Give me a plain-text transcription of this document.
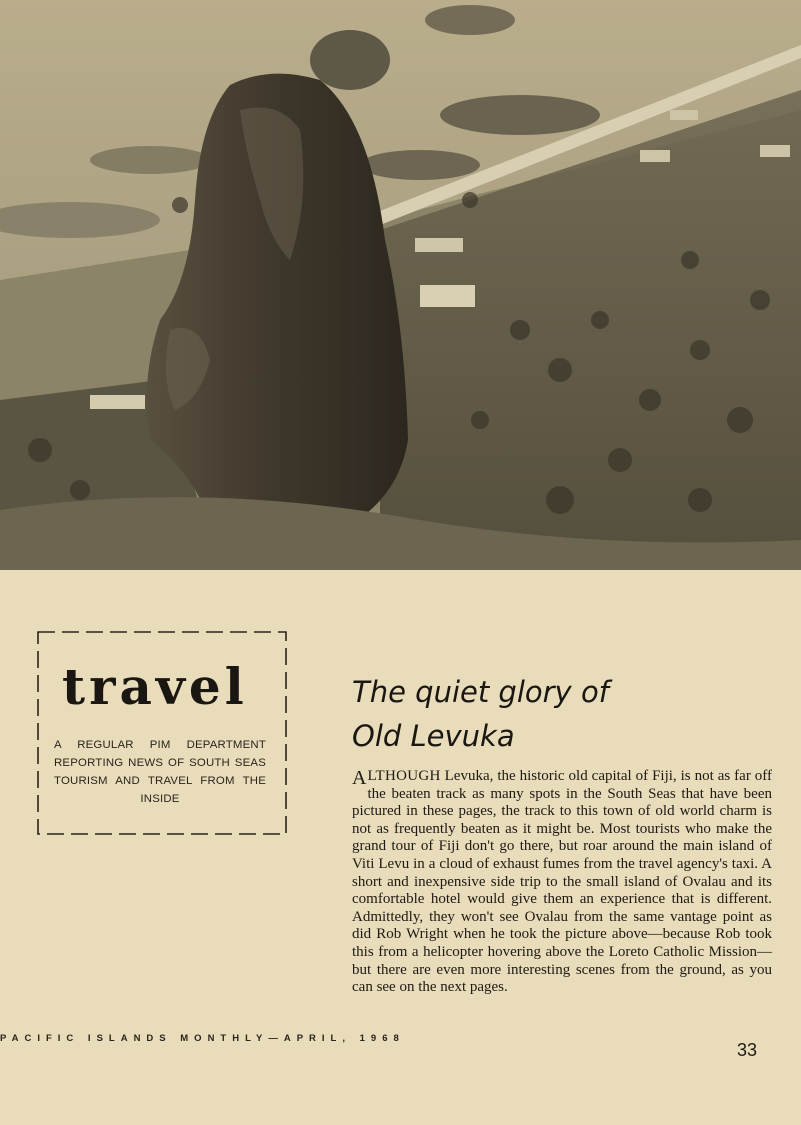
travel
A REGULAR PIM DEPARTMENT REPORTING NEWS OF SOUTH SEAS TOURISM AND TRAVEL FROM THE INSIDE
The quiet glory of
Old Levuka
A LTHOUGH Levuka, the historic old capital of Fiji, is not as far off the beaten track as many spots in the South Seas that have been pictured in these pages, the track to this town of old world charm is not as frequently beaten as it might be. Most tourists who make the grand tour of Fiji don't go there, but roar around the main island of Viti Levu in a cloud of exhaust fumes from the travel agency's taxi. A short and inexpensive side trip to the small island of Ovalau and its comfortable hotel would give them an experience that is different. Admittedly, they won't see Ovalau from the same vantage point as did Rob Wright when he took the picture above—because Rob took this from a helicopter hovering above the Loreto Catholic Mission—but there are even more interesting scenes from the ground, as you can see on the next pages.
PACIFIC ISLANDS MONTHLY—APRIL, 1968
33
